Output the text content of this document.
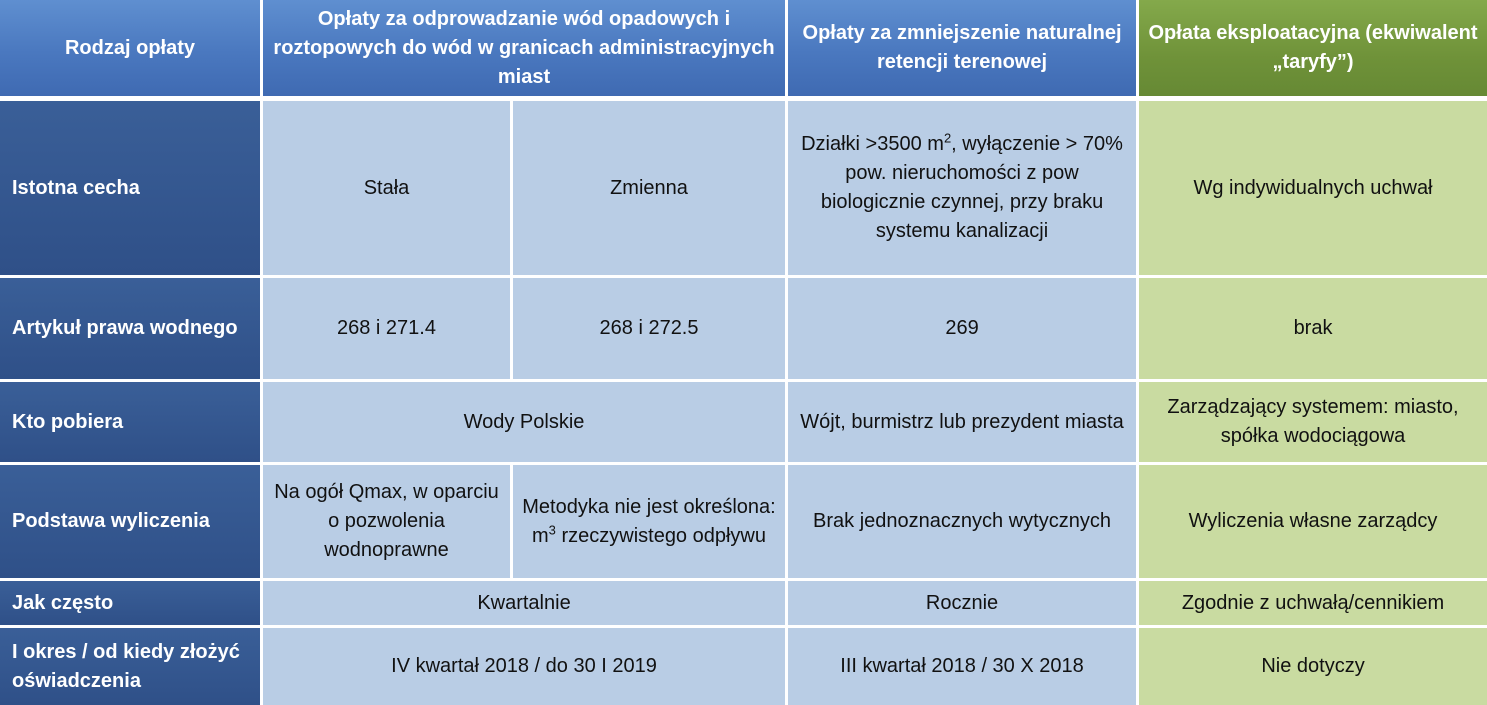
Rodzaj opłaty	Opłaty za odprowadzanie wód opadowych i roztopowych do wód w granicach administracyjnych miast		Opłaty za zmniejszenie naturalnej retencji terenowej	Opłata eksploatacyjna (ekwiwalent „taryfy”)
Istotna cecha	Stała	Zmienna	Działki >3500 $m^2$, wyłączenie > 70% pow. nieruchomości z pow biologicznie czynnej, przy braku systemu kanalizacji	Wg indywidualnych uchwał
Artykuł prawa wodnego	268 i 271.4	268 i 272.5	269	brak
Kto pobiera	Wody Polskie		Wójt, burmistrz lub prezydent miasta	Zarządzający systemem: miasto, spółka wodociągowa
Podstawa wyliczenia	Na ogół Qmax, w oparciu o pozwolenia wodnoprawne	Metodyka nie jest określona: $m^3$ rzeczywistego odpływu	Brak jednoznacznych wytycznych	Wyliczenia własne zarządcy
Jak często	Kwartalnie		Rocznie	Zgodnie z uchwałą/cennikiem
I okres / od kiedy złożyć oświadczenia	IV kwartał 2018 / do 30 I 2019		III kwartał 2018 / 30 X 2018	Nie dotyczy
